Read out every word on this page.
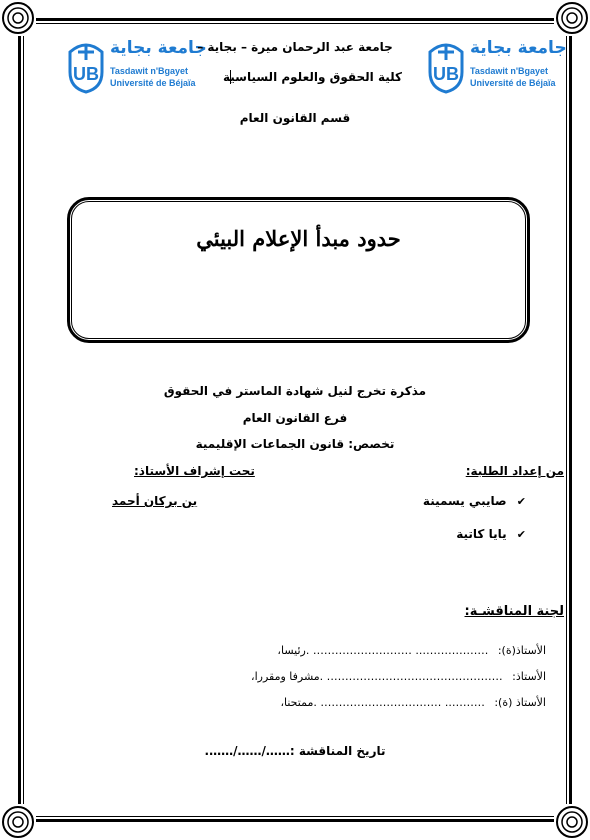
UB
جامعة بجاية
Tasdawit n'Bgayet
Université de Béjaïa	UB
جامعة بجاية
Tasdawit n'Bgayet
Université de Béjaïa
جامعة عبد الرحمان ميرة – بجاية –
كلية الحقوق والعلوم السياسية
قسم القانون العام
حدود مبدأ الإعلام البيئي
مذكرة تخرج لنيل شهادة الماستر في الحقوق
فرع القانون العام
تخصص: قانون الجماعات الإقليمية
من إعداد الطلبة:
تحت إشراف الأستاذ:
✔ صايبي يسمينة
✔ يايا كاتية
بن بركان أحمد
لجنة المناقشـة:
الأستاذ(ة): ……………….. ……………………… .رئيسا،
الأستاذ: ………………………………………… .مشرفا ومقررا،
الأستاذ (ة): ……….. …………………………… .ممتحنا،
تاريخ المناقشة :……/……/…….
